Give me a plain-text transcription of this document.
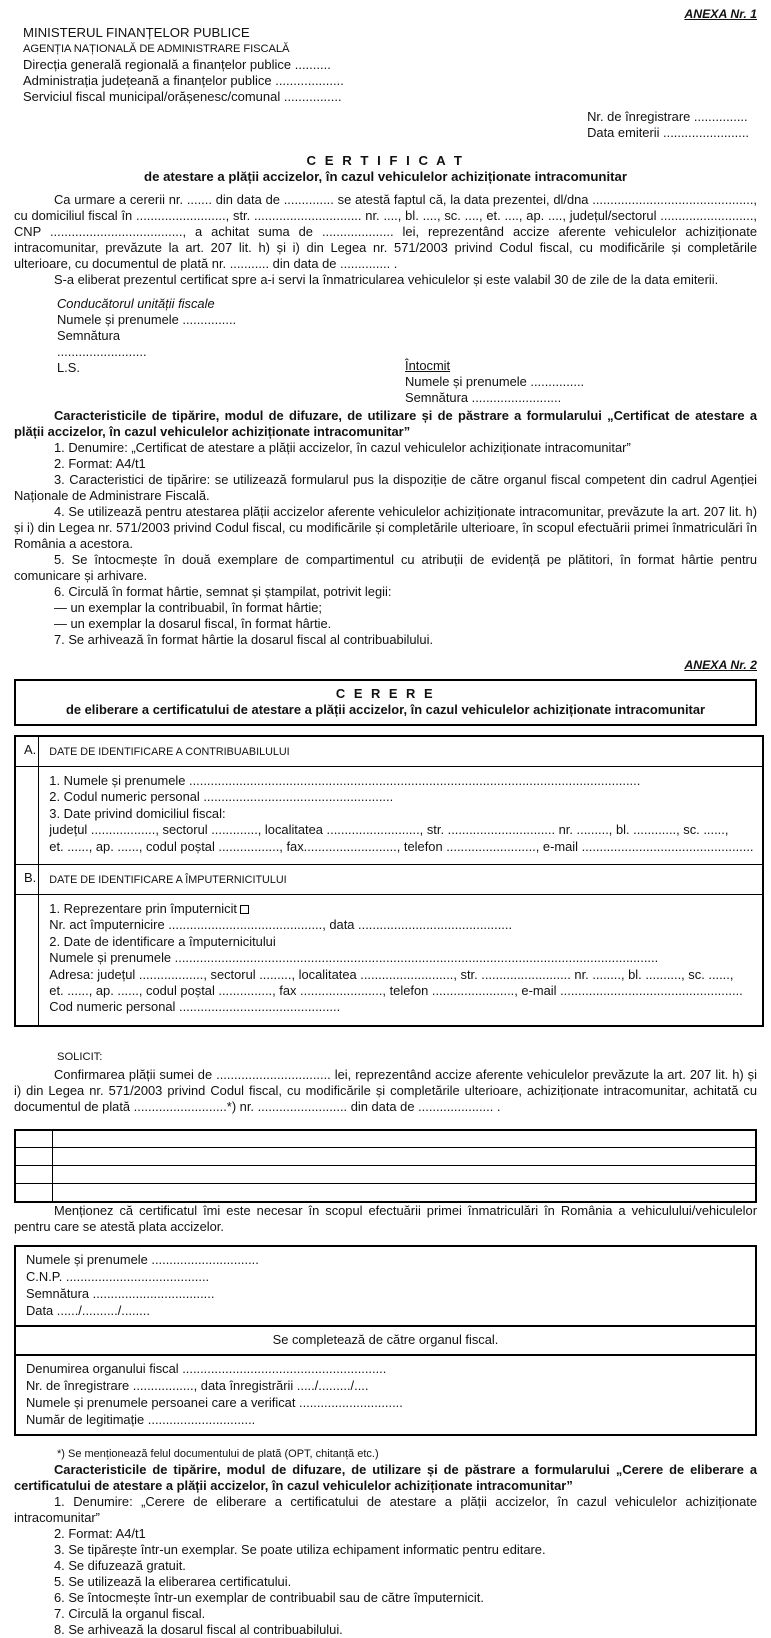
ANEXA Nr. 1
MINISTERUL FINANȚELOR PUBLICE
AGENȚIA NAȚIONALĂ DE ADMINISTRARE FISCALĂ
Direcția generală regională a finanțelor publice ..........
Administrația județeană a finanțelor publice ...................
Serviciul fiscal municipal/orășenesc/comunal ................
Nr. de înregistrare ...............
Data emiterii ........................
C E R T I F I C A T
de atestare a plății accizelor, în cazul vehiculelor achiziționate intracomunitar

Ca urmare a cererii nr. ....... din data de .............. se atestă faptul că, la data prezentei, dl/dna ............................................., cu domiciliul fiscal în ........................., str. .............................. nr. ...., bl. ...., sc. ...., et. ...., ap. ...., județul/sectorul .........................., CNP ....................................., a achitat suma de .................... lei, reprezentând accize aferente vehiculelor achiziționate intracomunitar, prevăzute la art. 207 lit. h) și i) din Legea nr. 571/2003 privind Codul fiscal, cu modificările și completările ulterioare, cu documentul de plată nr. ........... din data de .............. .

S-a eliberat prezentul certificat spre a-i servi la înmatricularea vehiculelor și este valabil 30 de zile de la data emiterii.

Conducătorul unității fiscale
Numele și prenumele ...............
Semnătura
.........................
L.S.	Întocmit
Numele și prenumele ...............
Semnătura .........................

Caracteristicile de tipărire, modul de difuzare, de utilizare și de păstrare a formularului „Certificat de atestare a plății accizelor, în cazul vehiculelor achiziționate intracomunitar”

1. Denumire: „Certificat de atestare a plății accizelor, în cazul vehiculelor achiziționate intracomunitar”

2. Format: A4/t1

3. Caracteristici de tipărire: se utilizează formularul pus la dispoziție de către organul fiscal competent din cadrul Agenției Naționale de Administrare Fiscală.

4. Se utilizează pentru atestarea plății accizelor aferente vehiculelor achiziționate intracomunitar, prevăzute la art. 207 lit. h) și i) din Legea nr. 571/2003 privind Codul fiscal, cu modificările și completările ulterioare, în scopul efectuării primei înmatriculări în România a acestora.

5. Se întocmește în două exemplare de compartimentul cu atribuții de evidență pe plătitori, în format hârtie pentru comunicare și arhivare.

6. Circulă în format hârtie, semnat și ștampilat, potrivit legii:

— un exemplar la contribuabil, în format hârtie;

— un exemplar la dosarul fiscal, în format hârtie.

7. Se arhivează în format hârtie la dosarul fiscal al contribuabilului.

ANEXA Nr. 2
C E R E R E
de eliberare a certificatului de atestare a plății accizelor, în cazul vehiculelor achiziționate intracomunitar
A.	DATE DE IDENTIFICARE A CONTRIBUABILULUI

	1. Numele și prenumele ..............................................................................................................................
2. Codul numeric personal .....................................................
3. Date privind domiciliul fiscal:
județul .................., sectorul ............., localitatea .........................., str. .............................. nr. ........., bl. ............, sc. ......,
et. ......, ap. ......, codul poștal ................., fax.........................., telefon ........................., e-mail ................................................

B.	DATE DE IDENTIFICARE A ÎMPUTERNICITULUI

1. Reprezentare prin împuternicit
Nr. act împuternicire ..........................................., data ...........................................
2. Date de identificare a împuternicitului
Numele și prenumele .......................................................................................................................................
Adresa: județul .................., sectorul ........., localitatea .........................., str. ......................... nr. ........, bl. .........., sc. ......,
et. ......, ap. ......, codul poștal ..............., fax ......................., telefon ......................., e-mail ...................................................
Cod numeric personal .............................................
SOLICIT:

Confirmarea plății sumei de ................................ lei, reprezentând accize aferente vehiculelor prevăzute la art. 207 lit. h) și i) din Legea nr. 571/2003 privind Codul fiscal, cu modificările și completările ulterioare, achiziționate intracomunitar, achitată cu documentul de plată ..........................*) nr. ......................... din data de ..................... .

Menționez că certificatul îmi este necesar în scopul efectuării primei înmatriculări în România a vehiculului/vehiculelor pentru care se atestă plata accizelor.

Numele și prenumele ..............................
C.N.P. ........................................
Semnătura ..................................
Data ....../........../........
Se completează de către organul fiscal.
Denumirea organului fiscal .........................................................
Nr. de înregistrare ................., data înregistrării ...../........./....
Numele și prenumele persoanei care a verificat .............................
Număr de legitimație ..............................
*) Se menționează felul documentului de plată (OPT, chitanță etc.)

Caracteristicile de tipărire, modul de difuzare, de utilizare și de păstrare a formularului „Cerere de eliberare a certificatului de atestare a plății accizelor, în cazul vehiculelor achiziționate intracomunitar”

1. Denumire: „Cerere de eliberare a certificatului de atestare a plății accizelor, în cazul vehiculelor achiziționate intracomunitar”

2. Format: A4/t1

3. Se tipărește într-un exemplar. Se poate utiliza echipament informatic pentru editare.

4. Se difuzează gratuit.

5. Se utilizează la eliberarea certificatului.

6. Se întocmește într-un exemplar de contribuabil sau de către împuternicit.

7. Circulă la organul fiscal.

8. Se arhivează la dosarul fiscal al contribuabilului.
